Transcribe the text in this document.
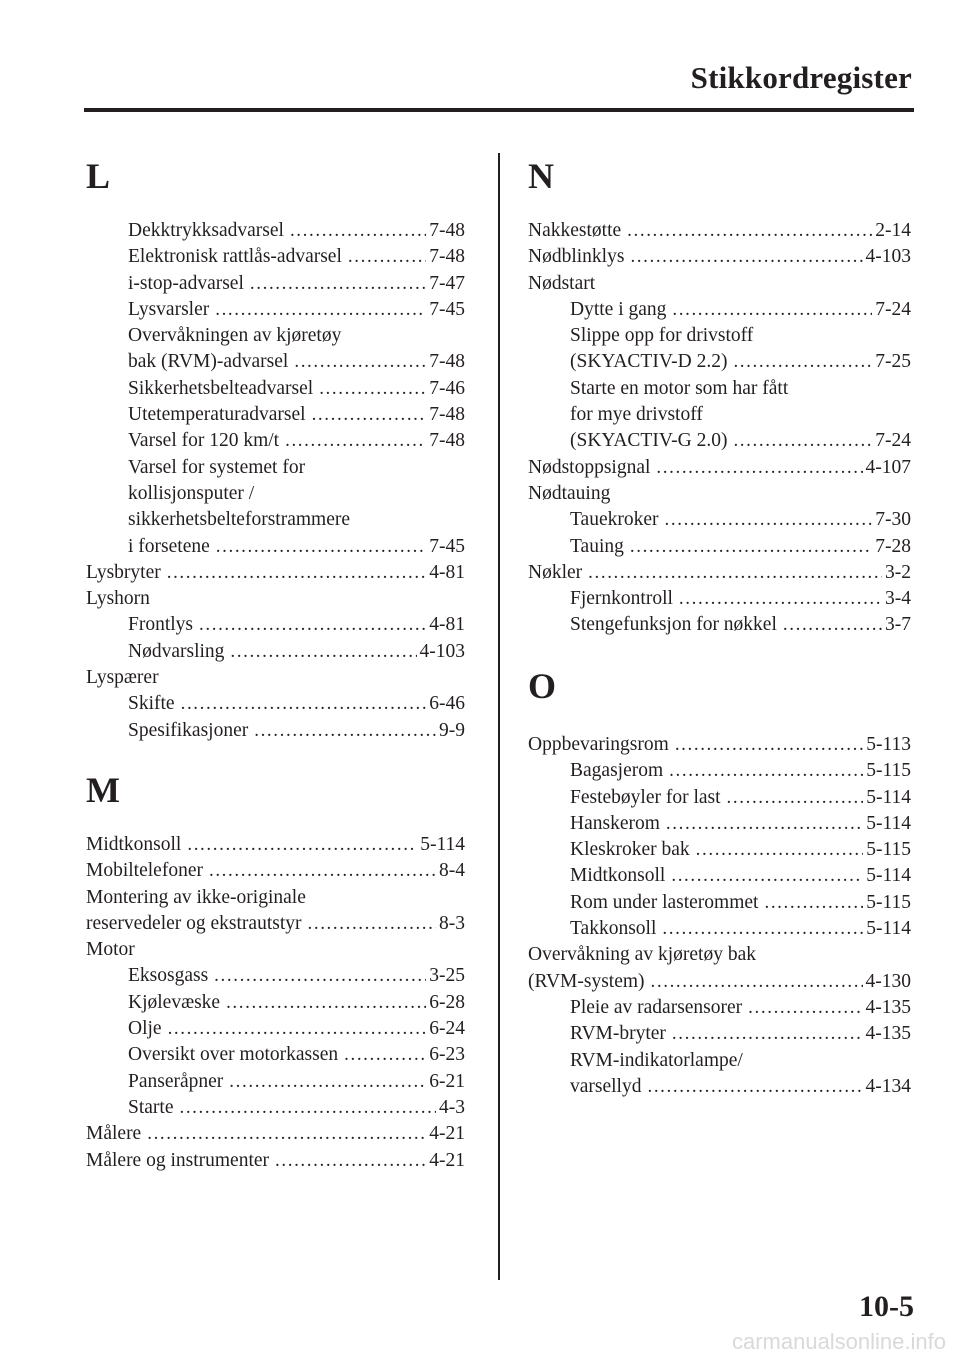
Stikkordregister
L
Dekktrykksadvarsel .....	7-48
Elektronisk rattlås-advarsel .....	7-48
i-stop-advarsel .....	7-47
Lysvarsler .....	7-45
Overvåkningen av kjøretøy
bak (RVM)-advarsel .....	7-48
Sikkerhetsbelteadvarsel .....	7-46
Utetemperaturadvarsel .....	7-48
Varsel for 120 km/t .....	7-48
Varsel for systemet for
kollisjonsputer /
sikkerhetsbelteforstrammere
i forsetene .....	7-45
Lysbryter .....	4-81
Lyshorn
Frontlys .....	4-81
Nødvarsling .....	4-103
Lyspærer
Skifte .....	6-46
Spesifikasjoner .....	9-9
M
Midtkonsoll .....	5-114
Mobiltelefoner .....	8-4
Montering av ikke-originale
reservedeler og ekstrautstyr .....	8-3
Motor
Eksosgass .....	3-25
Kjølevæske .....	6-28
Olje .....	6-24
Oversikt over motorkassen .....	6-23
Panseråpner .....	6-21
Starte .....	4-3
Målere .....	4-21
Målere og instrumenter .....	4-21
N
Nakkestøtte .....	2-14
Nødblinklys .....	4-103
Nødstart
Dytte i gang .....	7-24
Slippe opp for drivstoff
(SKYACTIV-D 2.2) .....	7-25
Starte en motor som har fått
for mye drivstoff
(SKYACTIV-G 2.0) .....	7-24
Nødstoppsignal .....	4-107
Nødtauing
Tauekroker .....	7-30
Tauing .....	7-28
Nøkler .....	3-2
Fjernkontroll .....	3-4
Stengefunksjon for nøkkel .....	3-7
O
Oppbevaringsrom .....	5-113
Bagasjerom .....	5-115
Festebøyler for last .....	5-114
Hanskerom .....	5-114
Kleskroker bak .....	5-115
Midtkonsoll .....	5-114
Rom under lasterommet .....	5-115
Takkonsoll .....	5-114
Overvåkning av kjøretøy bak
(RVM-system) .....	4-130
Pleie av radarsensorer .....	4-135
RVM-bryter .....	4-135
RVM-indikatorlampe/
varsellyd .....	4-134
10-5
carmanualsonline.info
